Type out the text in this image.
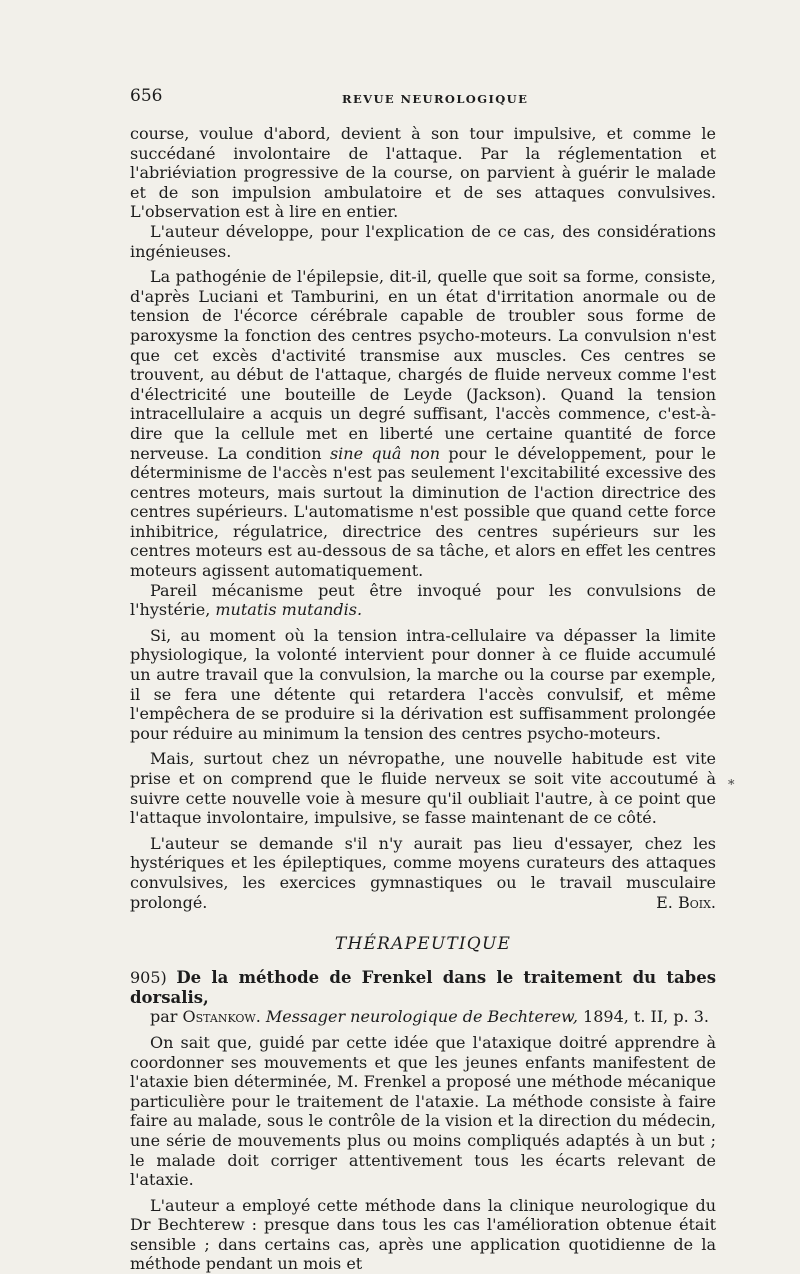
656	REVUE NEUROLOGIQUE
*

course, voulue d'abord, devient à son tour impulsive, et comme le succédané involontaire de l'attaque. Par la réglementation et l'abriéviation progressive de la course, on parvient à guérir le malade et de son impulsion ambulatoire et de ses attaques convulsives. L'observation est à lire en entier.

L'auteur développe, pour l'explication de ce cas, des considérations ingénieuses.

La pathogénie de l'épilepsie, dit-il, quelle que soit sa forme, consiste, d'après Luciani et Tamburini, en un état d'irritation anormale ou de tension de l'écorce cérébrale capable de troubler sous forme de paroxysme la fonction des centres psycho-moteurs. La convulsion n'est que cet excès d'activité transmise aux muscles. Ces centres se trouvent, au début de l'attaque, chargés de fluide nerveux comme l'est d'électricité une bouteille de Leyde (Jackson). Quand la tension intracellulaire a acquis un degré suffisant, l'accès commence, c'est-à-dire que la cellule met en liberté une certaine quantité de force nerveuse. La condition sine quâ non pour le développement, pour le déterminisme de l'accès n'est pas seulement l'excitabilité excessive des centres moteurs, mais surtout la diminution de l'action directrice des centres supérieurs. L'automatisme n'est possible que quand cette force inhibitrice, régulatrice, directrice des centres supérieurs sur les centres moteurs est au-dessous de sa tâche, et alors en effet les centres moteurs agissent automatiquement.

Pareil mécanisme peut être invoqué pour les convulsions de l'hystérie, mutatis mutandis.

Si, au moment où la tension intra-cellulaire va dépasser la limite physiologique, la volonté intervient pour donner à ce fluide accumulé un autre travail que la convulsion, la marche ou la course par exemple, il se fera une détente qui retardera l'accès convulsif, et même l'empêchera de se produire si la dérivation est suffisamment prolongée pour réduire au minimum la tension des centres psycho-moteurs.

Mais, surtout chez un névropathe, une nouvelle habitude est vite prise et on comprend que le fluide nerveux se soit vite accoutumé à suivre cette nouvelle voie à mesure qu'il oubliait l'autre, à ce point que l'attaque involontaire, impulsive, se fasse maintenant de ce côté.

L'auteur se demande s'il n'y aurait pas lieu d'essayer, chez les hystériques et les épileptiques, comme moyens curateurs des attaques convulsives, les exercices gymnastiques ou le travail musculaire prolongé.	E. Boix.

THÉRAPEUTIQUE

905) De la méthode de Frenkel dans le traitement du tabes dorsalis,

par Ostankow. Messager neurologique de Bechterew, 1894, t. II, p. 3.

On sait que, guidé par cette idée que l'ataxique doitré apprendre à coordonner ses mouvements et que les jeunes enfants manifestent de l'ataxie bien déterminée, M. Frenkel a proposé une méthode mécanique particulière pour le traitement de l'ataxie. La méthode consiste à faire faire au malade, sous le contrôle de la vision et la direction du médecin, une série de mouvements plus ou moins compliqués adaptés à un but ; le malade doit corriger attentivement tous les écarts relevant de l'ataxie.

L'auteur a employé cette méthode dans la clinique neurologique du Dr Bechterew : presque dans tous les cas l'amélioration obtenue était sensible ; dans certains cas, après une application quotidienne de la méthode pendant un mois et
